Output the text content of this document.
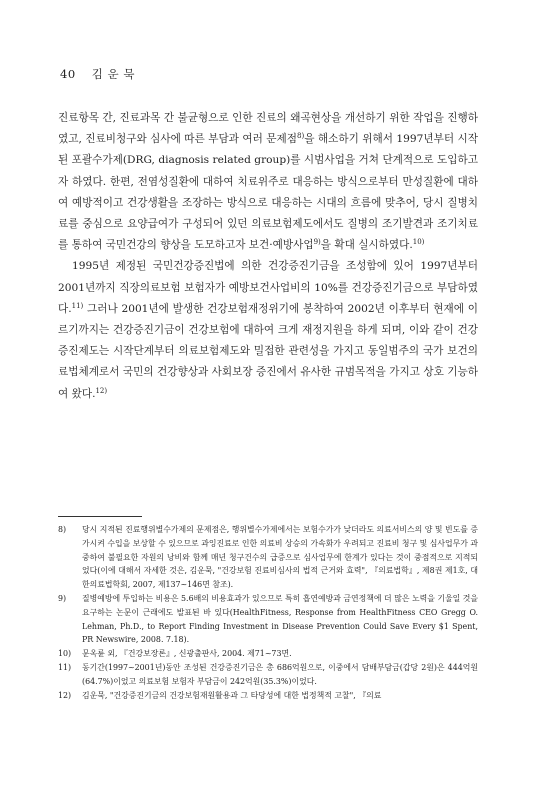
40 김 운 묵

진료항목 간, 진료과목 간 불균형으로 인한 진료의 왜곡현상을 개선하기 위한 작업을 진행하였고, 진료비청구와 심사에 따른 부담과 여러 문제점$^{8)}$을 해소하기 위해서 1997년부터 시작된 포괄수가제(DRG, diagnosis related group)를 시범사업을 거쳐 단계적으로 도입하고자 하였다. 한편, 전염성질환에 대하여 치료위주로 대응하는 방식으로부터 만성질환에 대하여 예방적이고 건강생활을 조장하는 방식으로 대응하는 시대의 흐름에 맞추어, 당시 질병치료를 중심으로 요양급여가 구성되어 있던 의료보험제도에서도 질병의 조기발견과 조기치료를 통하여 국민건강의 향상을 도모하고자 보건·예방사업$^{9)}$을 확대 실시하였다.$^{10)}$

1995년 제정된 국민건강증진법에 의한 건강증진기금을 조성함에 있어 1997년부터 2001년까지 직장의료보험 보험자가 예방보건사업비의 10%를 건강증진기금으로 부담하였다.$^{11)}$ 그러나 2001년에 발생한 건강보험재정위기에 봉착하여 2002년 이후부터 현재에 이르기까지는 건강증진기금이 건강보험에 대하여 크게 재정지원을 하게 되며, 이와 같이 건강증진제도는 시작단계부터 의료보험제도와 밀접한 관련성을 가지고 동일범주의 국가 보건의료법체계로서 국민의 건강향상과 사회보장 증진에서 유사한 규범목적을 가지고 상호 기능하여 왔다.$^{12)}$

8)	당시 지적된 진료행위별수가제의 문제점은, 행위별수가제에서는 보험수가가 낮더라도 의료서비스의 양 및 빈도를 증가시켜 수입을 보상할 수 있으므로 과잉진료로 인한 의료비 상승의 가속화가 우려되고 진료비 청구 및 심사업무가 과중하여 불필요한 자원의 낭비와 함께 매년 청구건수의 급증으로 심사업무에 한계가 있다는 것이 중점적으로 지적되었다(이에 대해서 자세한 것은, 김운묵, "건강보험 진료비심사의 법적 근거와 효력", 『의료법학』, 제8권 제1호, 대한의료법학회, 2007, 제137~146면 참조).
9)	질병예방에 투입하는 비용은 5.6배의 비용효과가 있으므로 특히 흡연예방과 금연정책에 더 많은 노력을 기울일 것을 요구하는 논문이 근래에도 발표된 바 있다(HealthFitness, Response from HealthFitness CEO Gregg O. Lehman, Ph.D., to Report Finding Investment in Disease Prevention Could Save Every $1 Spent, PR Newswire, 2008. 7.18).
10)	문옥륜 외, 『건강보장론』, 신광출판사, 2004. 제71~73면.
11)	동기간(1997~2001년)동안 조성된 건강증진기금은 총 686억원으로, 이중에서 담배부담금(갑당 2원)은 444억원(64.7%)이었고 의료보험 보험자 부담금이 242억원(35.3%)이었다.
12)	김운묵, "건강증진기금의 건강보험재원활용과 그 타당성에 대한 법정책적 고찰", 『의료
